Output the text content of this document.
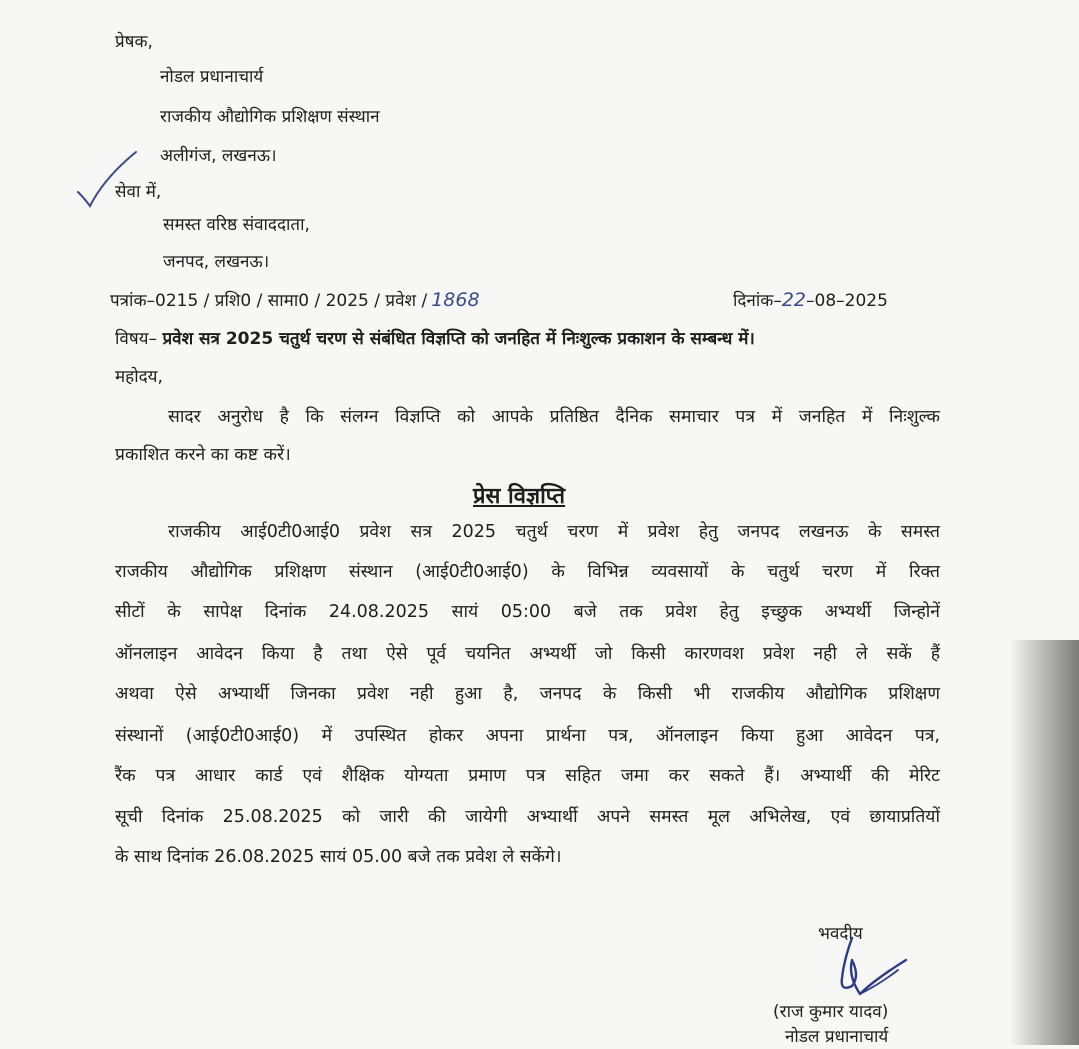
प्रेषक,
नोडल प्रधानाचार्य
राजकीय औद्योगिक प्रशिक्षण संस्थान
अलीगंज, लखनऊ।
सेवा में,
समस्त वरिष्ठ संवाददाता,
जनपद, लखनऊ।
पत्रांक–0215 / प्रशि0 / सामा0 / 2025 / प्रवेश / 1868	दिनांक–22–08–2025
विषय– प्रवेश सत्र 2025 चतुर्थ चरण से संबंधित विज्ञप्ति को जनहित में निःशुल्क प्रकाशन के सम्बन्ध में।
महोदय,
सादर अनुरोध है कि संलग्न विज्ञप्ति को आपके प्रतिष्ठित दैनिक समाचार पत्र में जनहित में निःशुल्क
प्रकाशित करने का कष्ट करें।
प्रेस विज्ञप्ति
राजकीय आई0टी0आई0 प्रवेश सत्र 2025 चतुर्थ चरण में प्रवेश हेतु जनपद लखनऊ के समस्त
राजकीय औद्योगिक प्रशिक्षण संस्थान (आई0टी0आई0) के विभिन्न व्यवसायों के चतुर्थ चरण में रिक्त
सीटों के सापेक्ष दिनांक 24.08.2025 सायं 05:00 बजे तक प्रवेश हेतु इच्छुक अभ्यर्थी जिन्होनें
ऑनलाइन आवेदन किया है तथा ऐसे पूर्व चयनित अभ्यर्थी जो किसी कारणवश प्रवेश नही ले सकें हैं
अथवा ऐसे अभ्यार्थी जिनका प्रवेश नही हुआ है, जनपद के किसी भी राजकीय औद्योगिक प्रशिक्षण
संस्थानों (आई0टी0आई0) में उपस्थित होकर अपना प्रार्थना पत्र, ऑनलाइन किया हुआ आवेदन पत्र,
रैंक पत्र आधार कार्ड एवं शैक्षिक योग्यता प्रमाण पत्र सहित जमा कर सकते हैं। अभ्यार्थी की मेरिट
सूची दिनांक 25.08.2025 को जारी की जायेगी अभ्यार्थी अपने समस्त मूल अभिलेख, एवं छायाप्रतियों
के साथ दिनांक 26.08.2025 सायं 05.00 बजे तक प्रवेश ले सकेंगे।
भवदीय
(राज कुमार यादव)
नोडल प्रधानाचार्य
